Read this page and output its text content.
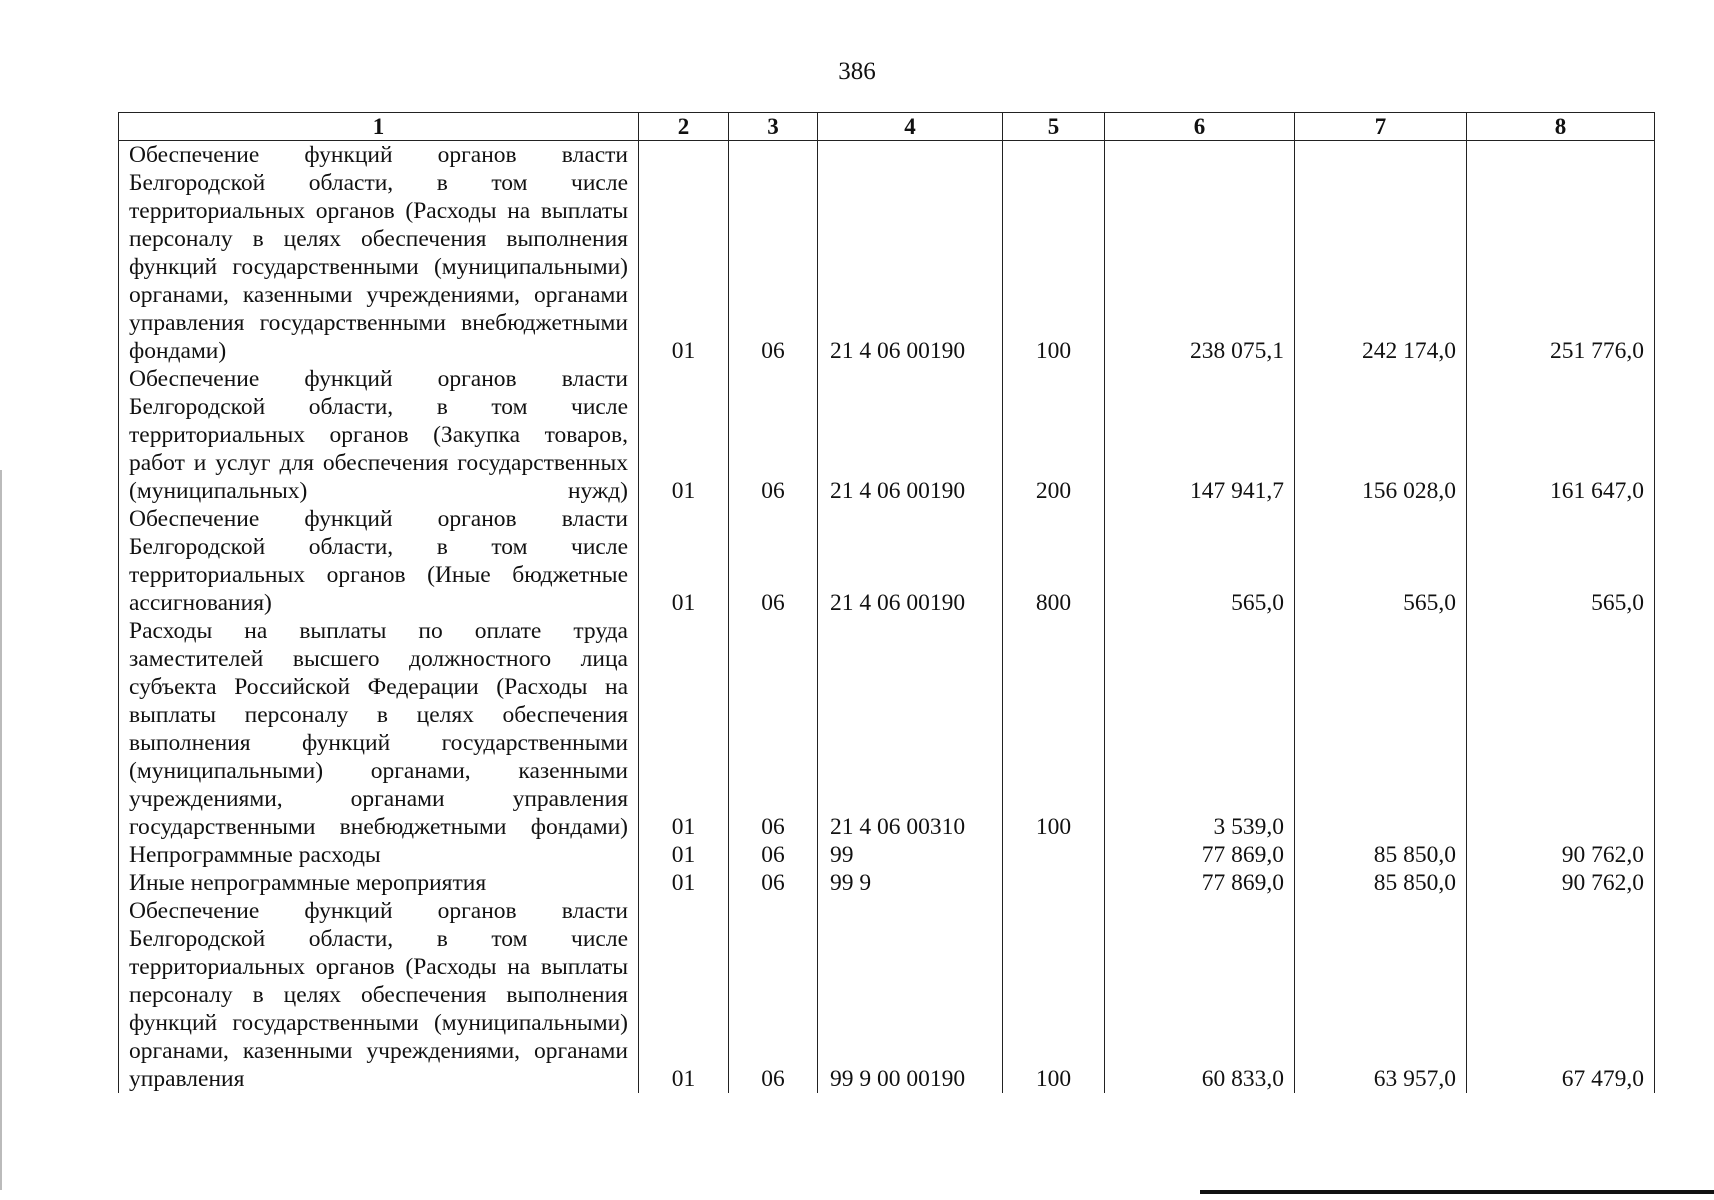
386
1	2	3	4	5	6	7	8
Обеспечение функций органов власти Белгородской области, в том числе территориальных органов (Расходы на выплаты персоналу в целях обеспечения выполнения функций государственными (муниципальными) органами, казенными учреждениями, органами управления государственными внебюджетными фондами)	01	06	21 4 06 00190	100	238 075,1	242 174,0	251 776,0
Обеспечение функций органов власти Белгородской области, в том числе территориальных органов (Закупка товаров, работ и услуг для обеспечения государственных (муниципальных) нужд)	01	06	21 4 06 00190	200	147 941,7	156 028,0	161 647,0
Обеспечение функций органов власти Белгородской области, в том числе территориальных органов (Иные бюджетные ассигнования)	01	06	21 4 06 00190	800	565,0	565,0	565,0
Расходы на выплаты по оплате труда заместителей высшего должностного лица субъекта Российской Федерации (Расходы на выплаты персоналу в целях обеспечения выполнения функций государственными (муниципальными) органами, казенными учреждениями, органами управления государственными внебюджетными фондами)	01	06	21 4 06 00310	100	3 539,0		
Непрограммные расходы	01	06	99		77 869,0	85 850,0	90 762,0
Иные непрограммные мероприятия	01	06	99 9		77 869,0	85 850,0	90 762,0
Обеспечение функций органов власти Белгородской области, в том числе территориальных органов (Расходы на выплаты персоналу в целях обеспечения выполнения функций государственными (муниципальными) органами, казенными учреждениями, органами управления	01	06	99 9 00 00190	100	60 833,0	63 957,0	67 479,0
